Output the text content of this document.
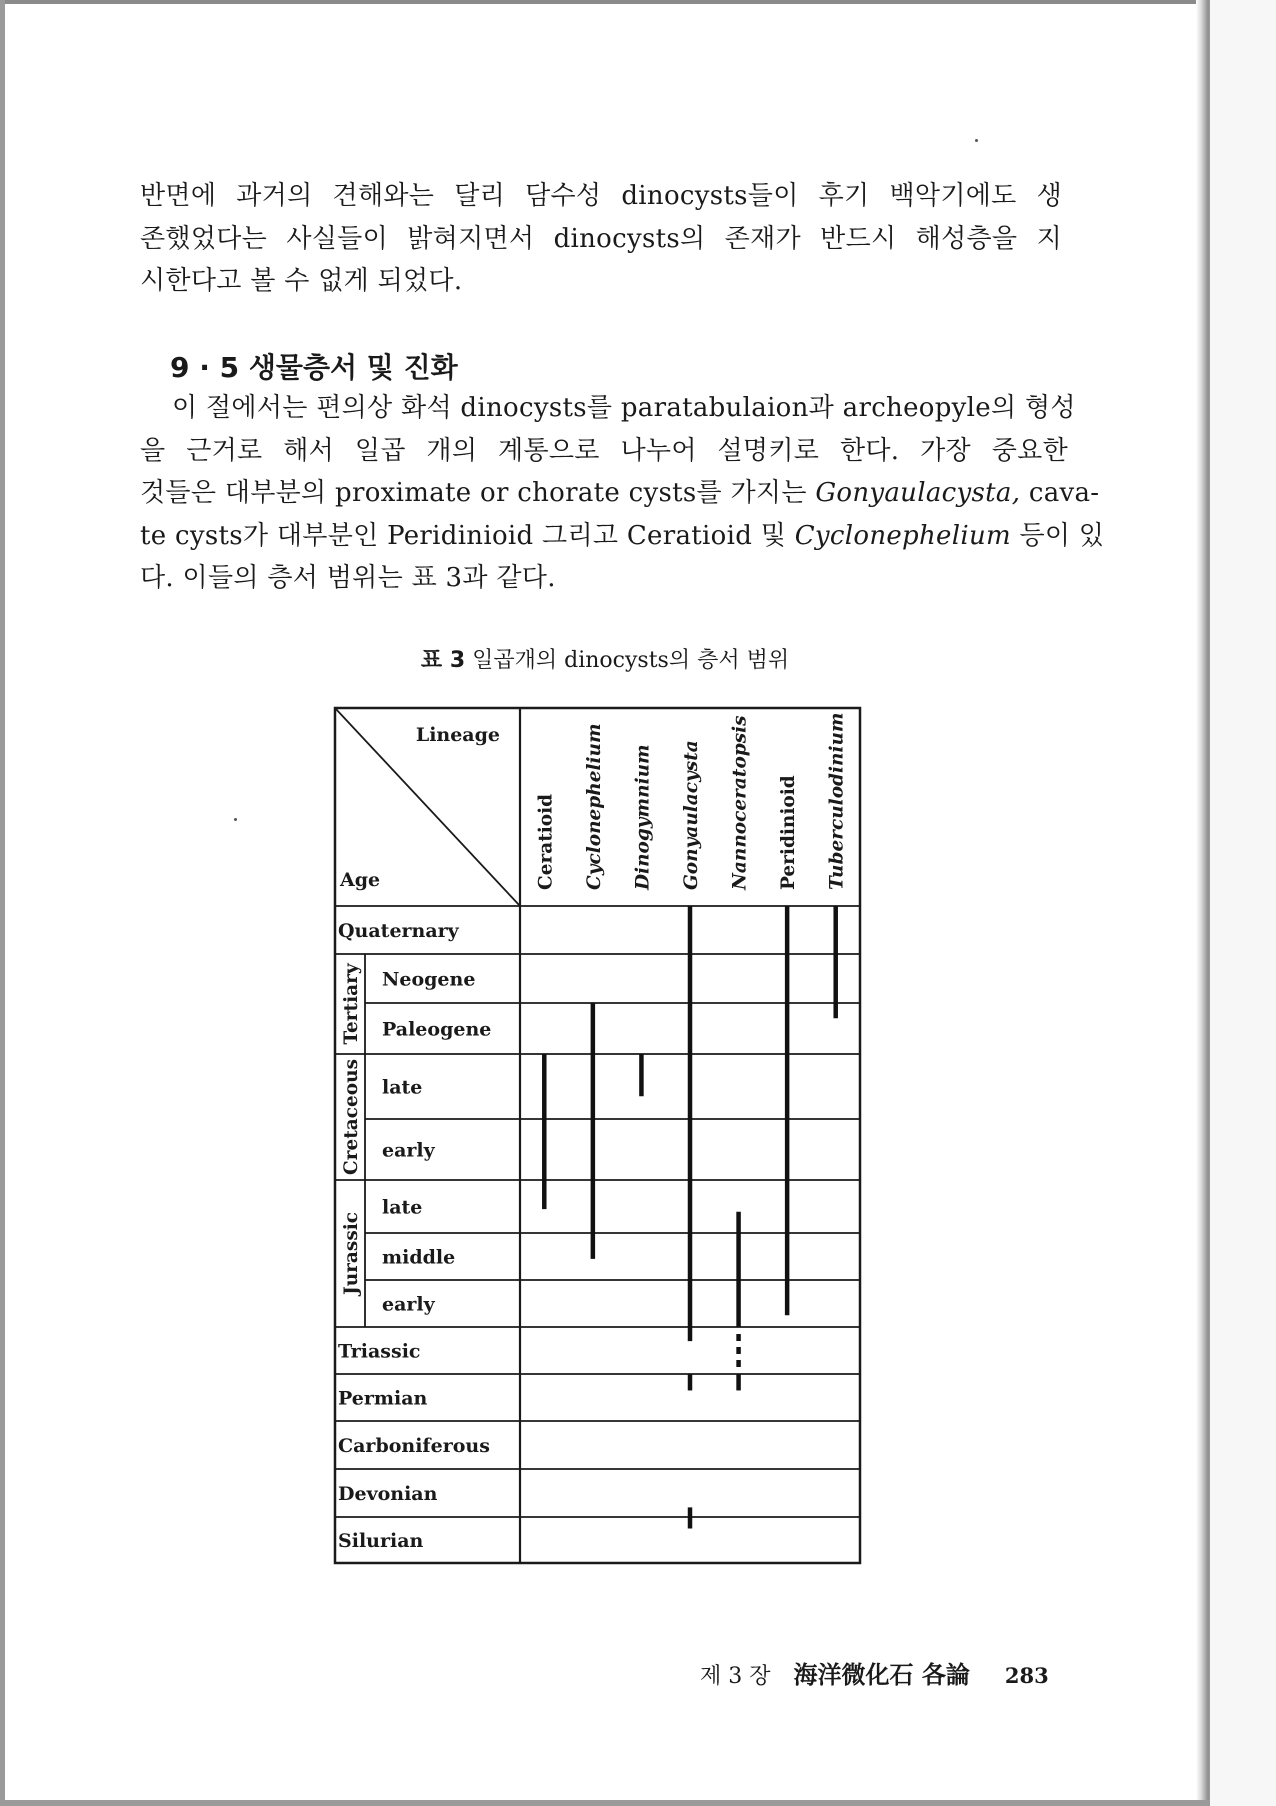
반면에 과거의 견해와는 달리 담수성 dinocysts들이 후기 백악기에도 생
존했었다는 사실들이 밝혀지면서 dinocysts의 존재가 반드시 해성층을 지
시한다고 볼 수 없게 되었다.
9 · 5 생물층서 및 진화
이 절에서는 편의상 화석 dinocysts를 paratabulaion과 archeopyle의 형성
을 근거로 해서 일곱 개의 계통으로 나누어 설명키로 한다. 가장 중요한
것들은 대부분의 proximate or chorate cysts를 가지는 Gonyaulacysta, cava-
te cysts가 대부분인 Peridinioid 그리고 Ceratioid 및 Cyclonephelium 등이 있
다. 이들의 층서 범위는 표 3과 같다.
표 3 일곱개의 dinocysts의 층서 범위
Lineage
Age	Ceratioid Cyclonephelium Dinogymnium Gonyaulacysta Nannoceratopsis Peridinioid Tuberculodinium
Tertiary
Cretaceous
Jurassic
Quaternary
Neogene
Paleogene
late
early
late
middle
early
Triassic
Permian
Carboniferous
Devonian
Silurian
제 3 장 海洋微化石 各論 283
